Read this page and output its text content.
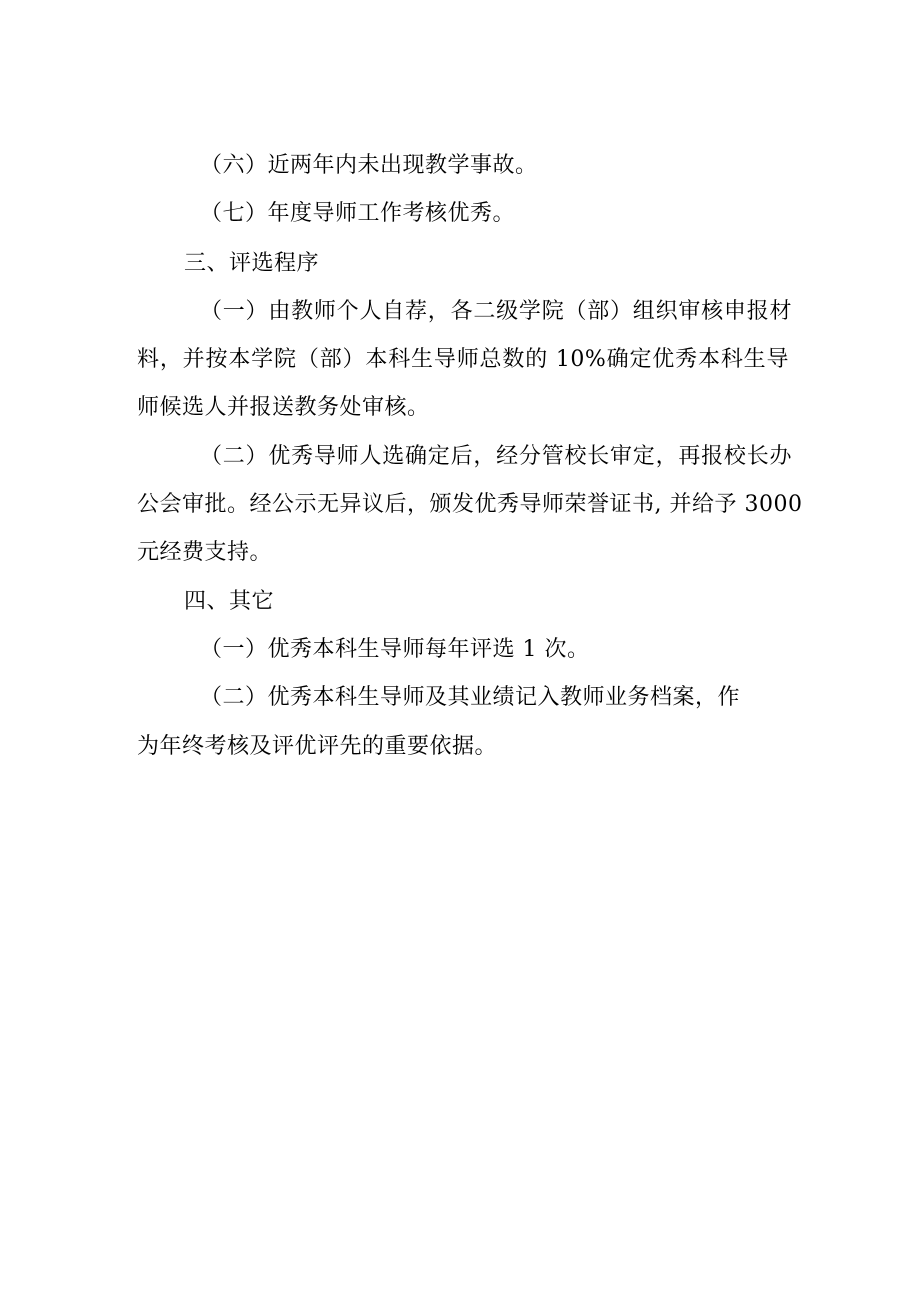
（六）近两年内未出现教学事故。
（七）年度导师工作考核优秀。
三、评选程序
（一）由教师个人自荐，各二级学院（部）组织审核申报材
料，并按本学院（部）本科生导师总数的 10%确定优秀本科生导
师候选人并报送教务处审核。
（二）优秀导师人选确定后，经分管校长审定，再报校长办
公会审批。经公示无异议后，颁发优秀导师荣誉证书, 并给予 3000
元经费支持。
四、其它
（一）优秀本科生导师每年评选 1 次。
（二）优秀本科生导师及其业绩记入教师业务档案，作
为年终考核及评优评先的重要依据。
